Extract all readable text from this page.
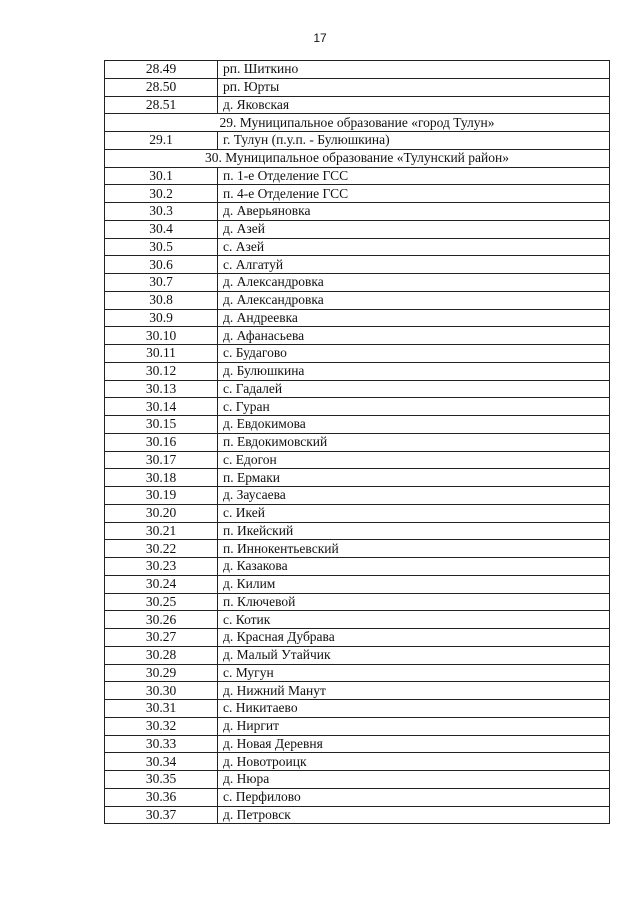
17
28.49	рп. Шиткино
28.50	рп. Юрты
28.51	д. Яковская
29. Муниципальное образование «город Тулун»	
29.1	г. Тулун (п.у.п. - Булюшкина)
30. Муниципальное образование «Тулунский район»	
30.1	п. 1-е Отделение ГСС
30.2	п. 4-е Отделение ГСС
30.3	д. Аверьяновка
30.4	д. Азей
30.5	с. Азей
30.6	с. Алгатуй
30.7	д. Александровка
30.8	д. Александровка
30.9	д. Андреевка
30.10	д. Афанасьева
30.11	с. Будагово
30.12	д. Булюшкина
30.13	с. Гадалей
30.14	с. Гуран
30.15	д. Евдокимова
30.16	п. Евдокимовский
30.17	с. Едогон
30.18	п. Ермаки
30.19	д. Заусаева
30.20	с. Икей
30.21	п. Икейский
30.22	п. Иннокентьевский
30.23	д. Казакова
30.24	д. Килим
30.25	п. Ключевой
30.26	с. Котик
30.27	д. Красная Дубрава
30.28	д. Малый Утайчик
30.29	с. Мугун
30.30	д. Нижний Манут
30.31	с. Никитаево
30.32	д. Ниргит
30.33	д. Новая Деревня
30.34	д. Новотроицк
30.35	д. Нюра
30.36	с. Перфилово
30.37	д. Петровск
